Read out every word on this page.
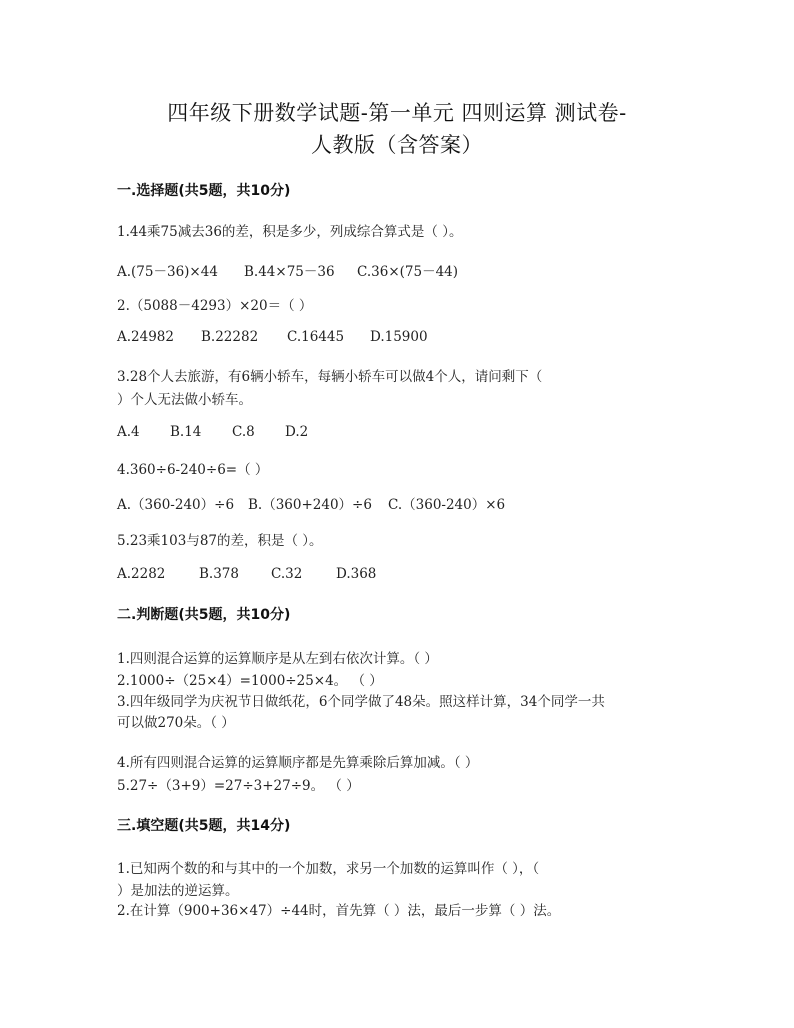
四年级下册数学试题-第一单元 四则运算 测试卷-
人教版（含答案）
一.选择题(共5题，共10分)

1.44乘75减去36的差，积是多少，列成综合算式是（ ）。

A.(75－36)×44 B.44×75－36 C.36×(75－44)

2.（5088－4293）×20＝（ ）

A.24982 B.22282 C.16445 D.15900

3.28个人去旅游，有6辆小轿车，每辆小轿车可以做4个人，请问剩下（

）个人无法做小轿车。

A.4 B.14 C.8 D.2

4.360÷6-240÷6=（ ）

A.（360-240）÷6 B.（360+240）÷6 C.（360-240）×6

5.23乘103与87的差，积是（ ）。

A.2282 B.378 C.32 D.368
二.判断题(共5题，共10分)

1.四则混合运算的运算顺序是从左到右依次计算。（ ）

2.1000÷（25×4）=1000÷25×4。 （ ）

3.四年级同学为庆祝节日做纸花，6个同学做了48朵。照这样计算，34个同学一共

可以做270朵。（ ）

4.所有四则混合运算的运算顺序都是先算乘除后算加减。（ ）

5.27÷（3+9）=27÷3+27÷9。 （ ）

三.填空题(共5题，共14分)

1.已知两个数的和与其中的一个加数，求另一个加数的运算叫作（ ），（

）是加法的逆运算。

2.在计算（900+36×47）÷44时，首先算（ ）法，最后一步算（ ）法。
